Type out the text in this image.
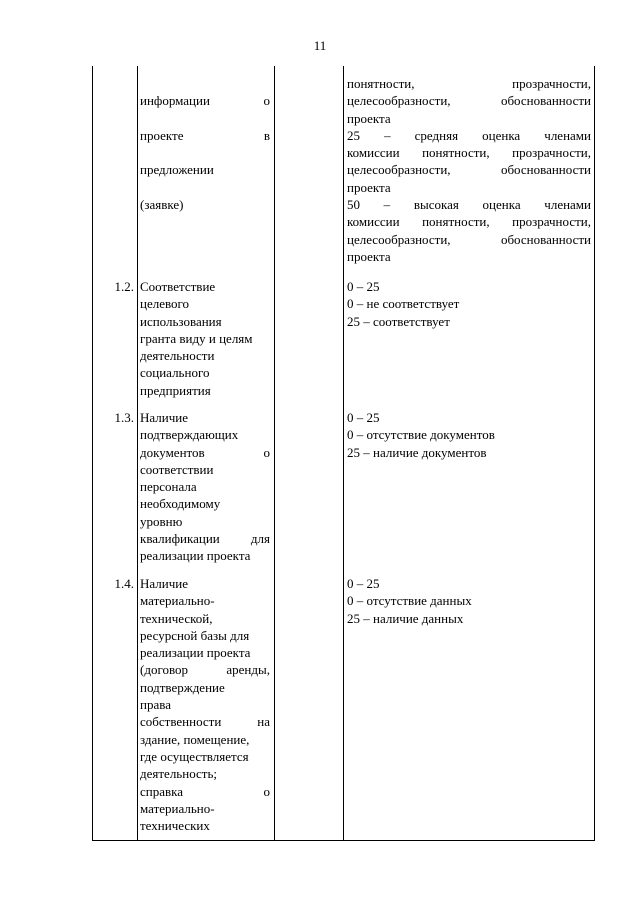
11

информации о

проекте в

предложении

(заявке)

понятности, прозрачности,
целесообразности, обоснованности
проекта
25 – средняя оценка членами
комиссии понятности, прозрачности,
целесообразности, обоснованности
проекта
50 – высокая оценка членами
комиссии понятности, прозрачности,
целесообразности, обоснованности
проекта
1.2. Соответствие
целевого
использования
гранта виду и целям
деятельности
социального
предприятия
0 – 25
0 – не соответствует
25 – соответствует
1.3. Наличие
подтверждающих
документов о
соответствии
персонала
необходимому
уровню
квалификации для
реализации проекта
0 – 25
0 – отсутствие документов
25 – наличие документов
1.4. Наличие
материально-
технической,
ресурсной базы для
реализации проекта
(договор аренды,
подтверждение
права
собственности на
здание, помещение,
где осуществляется
деятельность;
справка о
материально-
технических
0 – 25
0 – отсутствие данных
25 – наличие данных
